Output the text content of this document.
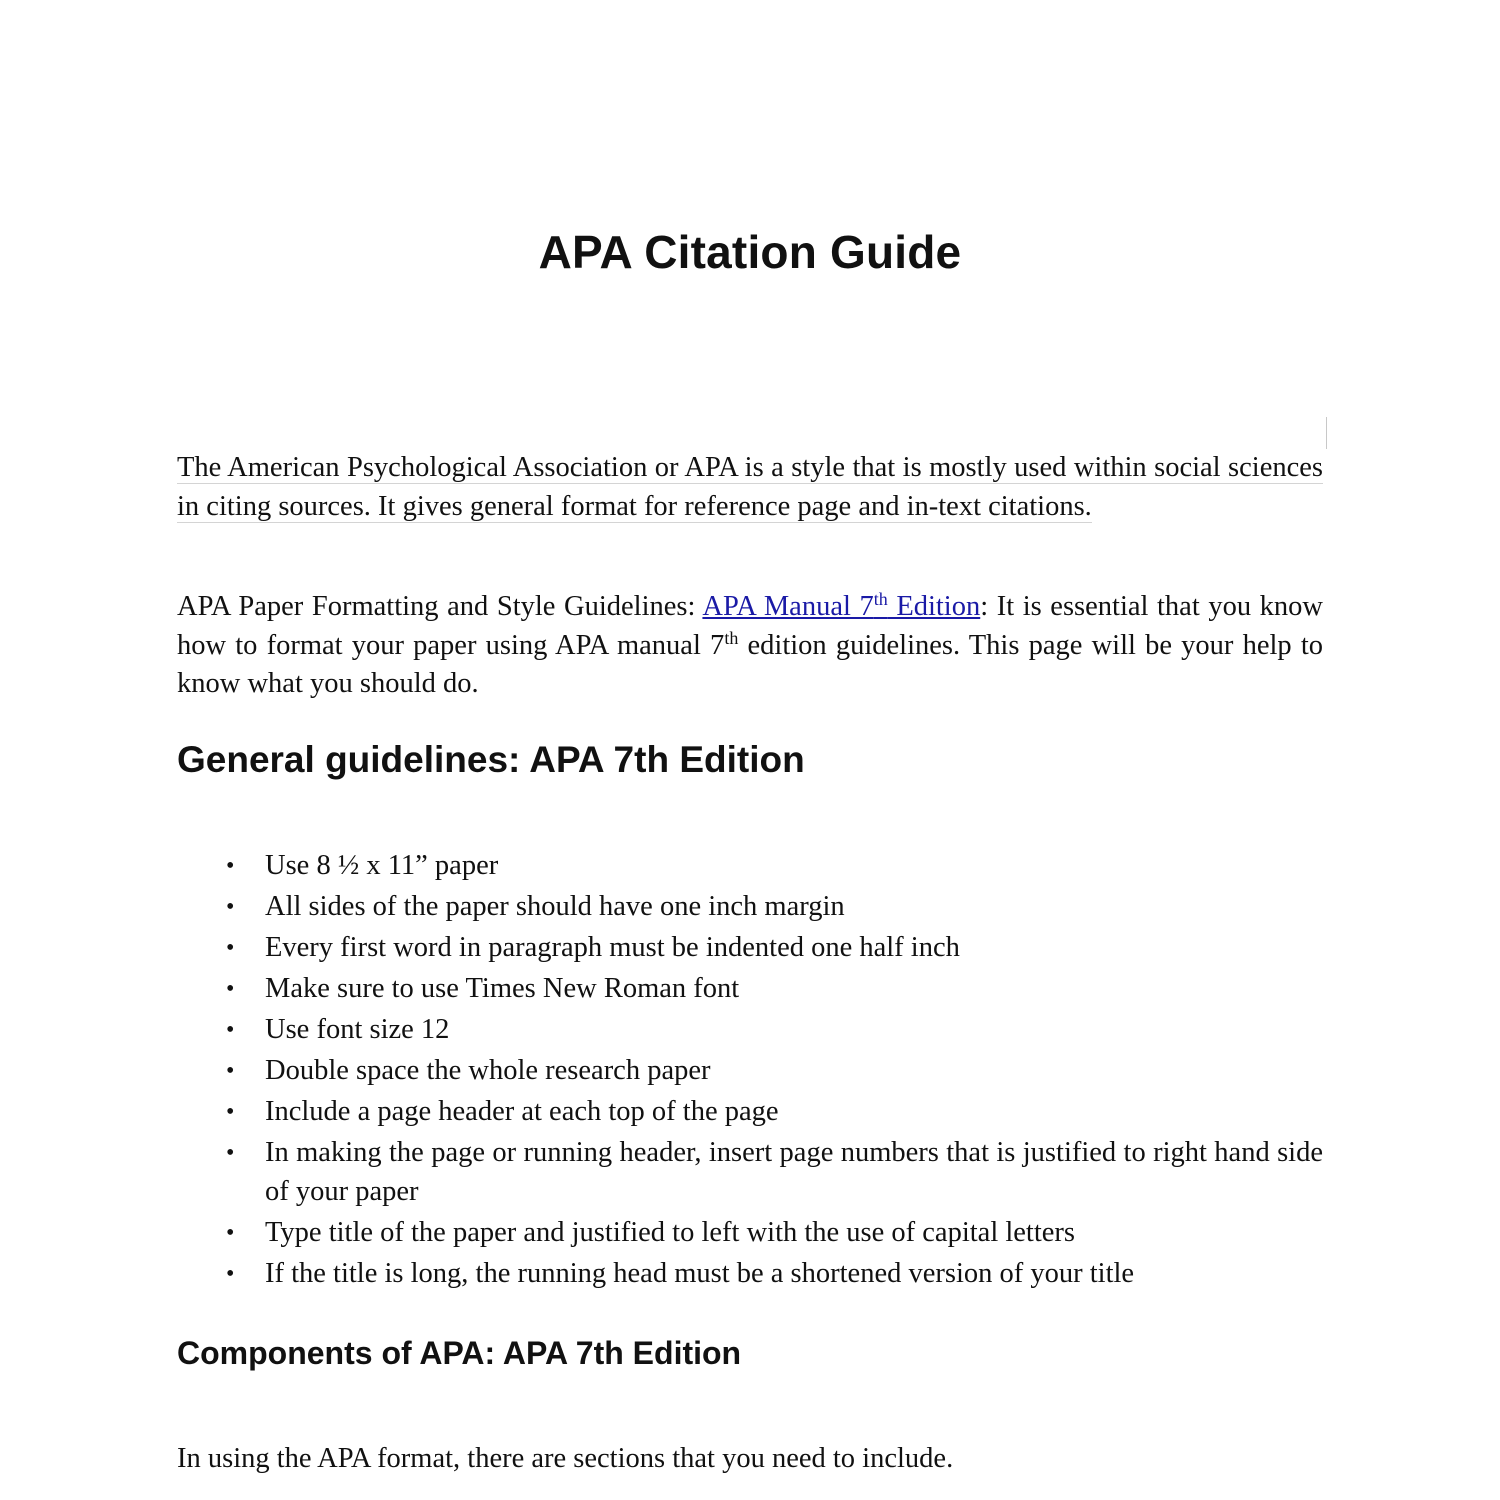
APA Citation Guide

The American Psychological Association or APA is a style that is mostly used within social sciences in citing sources. It gives general format for reference page and in-text citations.

APA Paper Formatting and Style Guidelines: APA Manual 7th Edition: It is essential that you know how to format your paper using APA manual 7th edition guidelines. This page will be your help to know what you should do.

General guidelines: APA 7th Edition
• Use 8 ½ x 11” paper
• All sides of the paper should have one inch margin
• Every first word in paragraph must be indented one half inch
• Make sure to use Times New Roman font
• Use font size 12
• Double space the whole research paper
• Include a page header at each top of the page
• In making the page or running header, insert page numbers that is justified to right hand side of your paper
• Type title of the paper and justified to left with the use of capital letters
• If the title is long, the running head must be a shortened version of your title
Components of APA: APA 7th Edition

In using the APA format, there are sections that you need to include.
